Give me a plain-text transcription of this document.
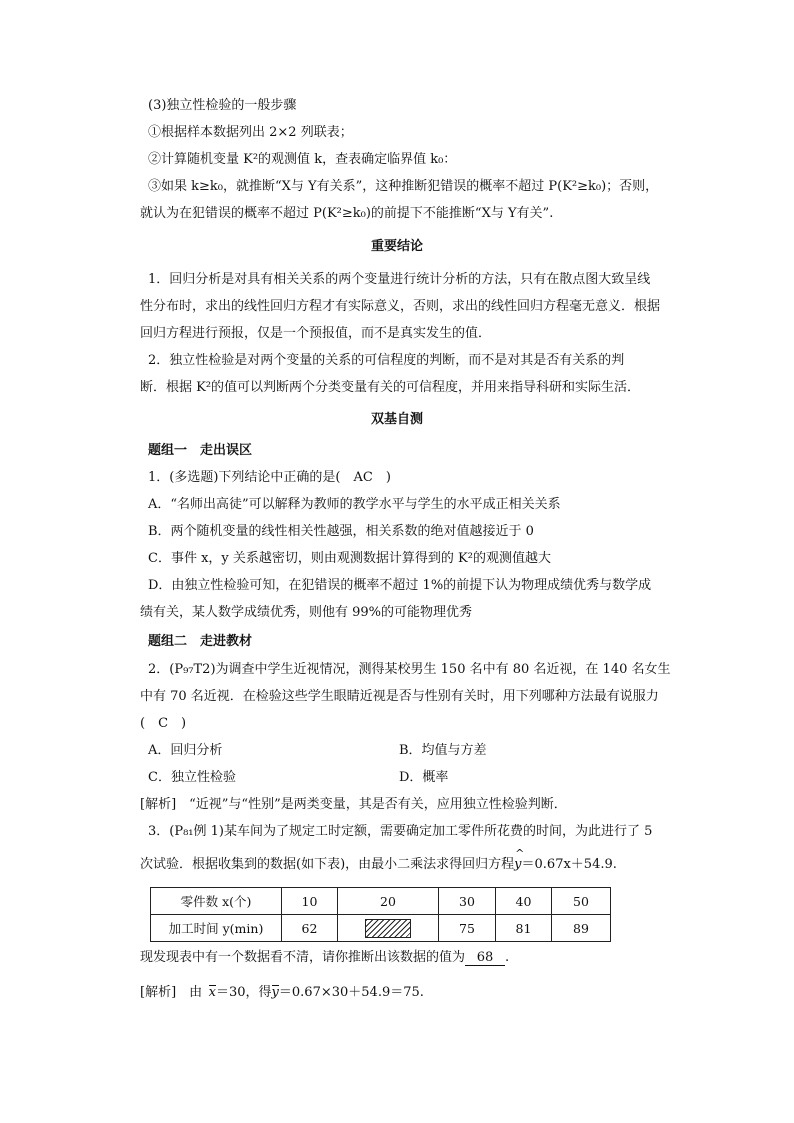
(3)独立性检验的一般步骤
①根据样本数据列出 2×2 列联表；
②计算随机变量 K²的观测值 k，查表确定临界值 k₀：
③如果 k≥k₀，就推断“X与 Y有关系”，这种推断犯错误的概率不超过 P(K²≥k₀)；否则，
就认为在犯错误的概率不超过 P(K²≥k₀)的前提下不能推断“X与 Y有关”.
重要结论
1．回归分析是对具有相关关系的两个变量进行统计分析的方法，只有在散点图大致呈线
性分布时，求出的线性回归方程才有实际意义，否则，求出的线性回归方程毫无意义．根据
回归方程进行预报，仅是一个预报值，而不是真实发生的值．
2．独立性检验是对两个变量的关系的可信程度的判断，而不是对其是否有关系的判
断．根据 K²的值可以判断两个分类变量有关的可信程度，并用来指导科研和实际生活．
双基自测
题组一　走出误区
1．(多选题)下列结论中正确的是(　AC　)
A．“名师出高徒”可以解释为教师的教学水平与学生的水平成正相关关系
B．两个随机变量的线性相关性越强，相关系数的绝对值越接近于 0
C．事件 x，y 关系越密切，则由观测数据计算得到的 K²的观测值越大
D．由独立性检验可知，在犯错误的概率不超过 1%的前提下认为物理成绩优秀与数学成
绩有关，某人数学成绩优秀，则他有 99%的可能物理优秀
题组二　走进教材
2．(P₉₇T2)为调查中学生近视情况，测得某校男生 150 名中有 80 名近视，在 140 名女生
中有 70 名近视．在检验这些学生眼睛近视是否与性别有关时，用下列哪种方法最有说服力
(　C　)
A．回归分析	B．均值与方差
C．独立性检验	D．概率
[解析]　“近视”与“性别”是两类变量，其是否有关，应用独立性检验判断．
3．(P₈₁例 1)某车间为了规定工时定额，需要确定加工零件所花费的时间，为此进行了 5
次试验．根据收集到的数据(如下表)，由最小二乘法求得回归方程
^
y＝0.67x＋54.9.
零件数 x(个)	10	20	30	40	50
加工时间 y(min)	62		75	81	89
现发现表中有一个数据看不清，请你推断出该数据的值为 68 .
[解析]　由  x＝30，得y＝0.67×30＋54.9＝75.
